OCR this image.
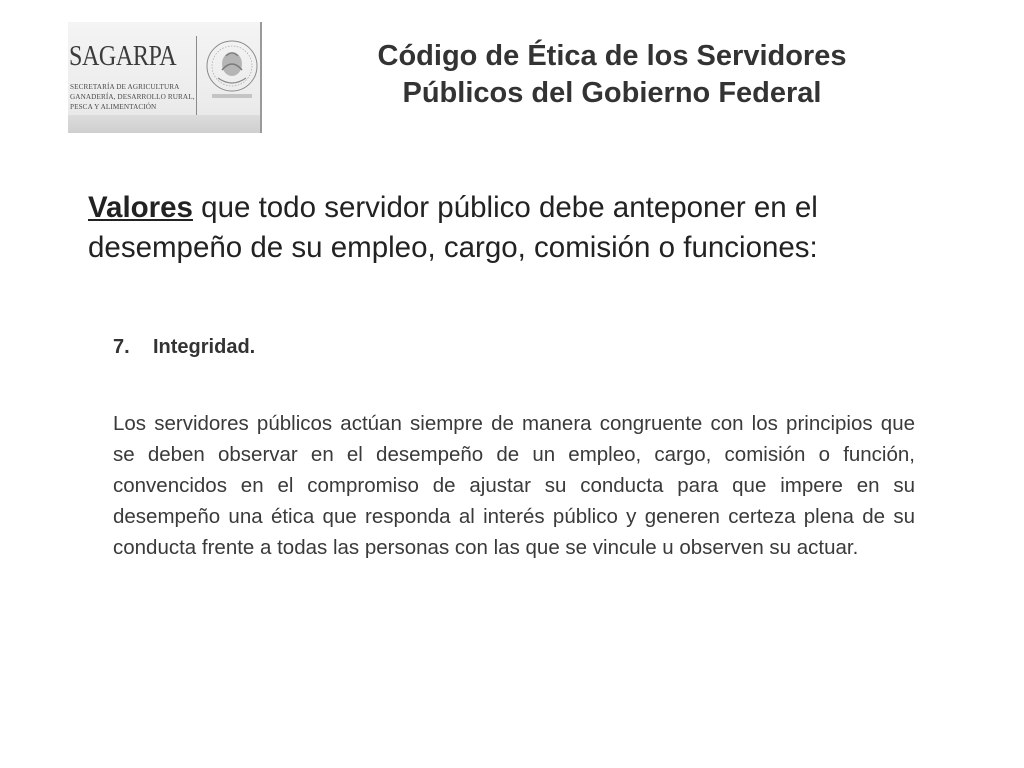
SAGARPA
SECRETARÍA DE AGRICULTURA
GANADERÍA, DESARROLLO RURAL,
PESCA Y ALIMENTACIÓN
Código de Ética de los Servidores
Públicos del Gobierno Federal
Valores que todo servidor público debe anteponer en el desempeño de su empleo, cargo, comisión o funciones:
7. Integridad.
Los servidores públicos actúan siempre de manera congruente con los principios que se deben observar en el desempeño de un empleo, cargo, comisión o función, convencidos en el compromiso de ajustar su conducta para que impere en su desempeño una ética que responda al interés público y generen certeza plena de su conducta frente a todas las personas con las que se vincule u observen su actuar.
